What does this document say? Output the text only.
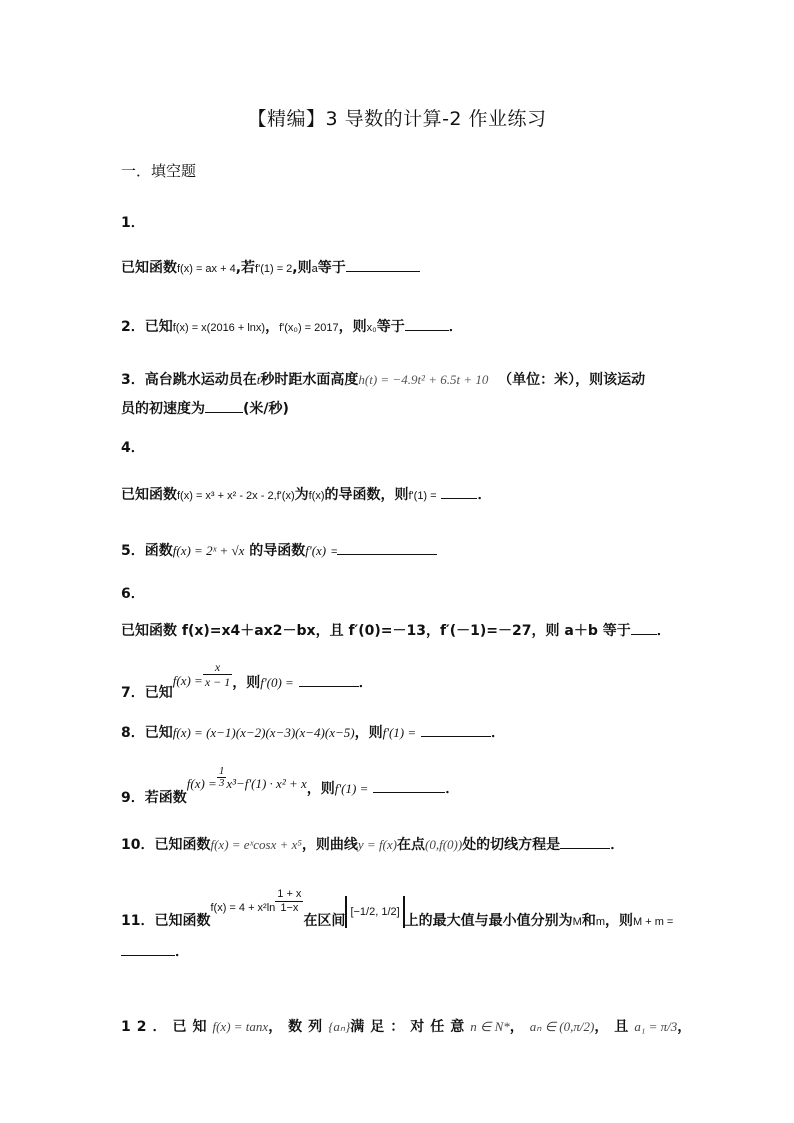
【精编】3 导数的计算-2 作业练习
一．填空题
1．
已知函数f(x) = ax + 4,若f'(1) = 2,则a等于
2．已知f(x) = x(2016 + lnx)，f'(x₀) = 2017，则x₀等于	．
3．高台跳水运动员在t秒时距水面高度h(t) = −4.9t² + 6.5t + 10 （单位：米），则该运动
员的初速度为	(米/秒)
4．
已知函数f(x) = x³ + x² - 2x - 2,f'(x)为f(x)的导函数，则f'(1) =	．
5．函数f(x) = 2ˣ + √x 的导函数f'(x) =
6．
已知函数 f(x)=x4＋ax2－bx，且 f′(0)=－13，f′(－1)=－27，则 a＋b 等于 ．
7．已知$f(x) = \frac{x}{x - 1}$ ，则f'(0) =	．
8．已知f(x) = (x−1)(x−2)(x−3)(x−4)(x−5)，则f'(1) =	．
9．若函数$f(x) = \frac{1}{3} x^3-f'(1) \cdot x^2 + x$，则f'(1) =	．
10．已知函数f(x) = eˣcosx + x⁵，则曲线y = f(x)在点(0,f(0))处的切线方程是	．
11．已知函数$_{f(x) = 4 + x^2ln} \frac{1 + x}{1-x}$
在区间[−1/2, 1/2]上的最大值与最小值分别为M和m，则M + m =
．
12．已知f(x) = tanx，数列{aₙ}满足：对任意n ∈ N*，aₙ ∈ (0,π/2)，且a₁ = π/3，
